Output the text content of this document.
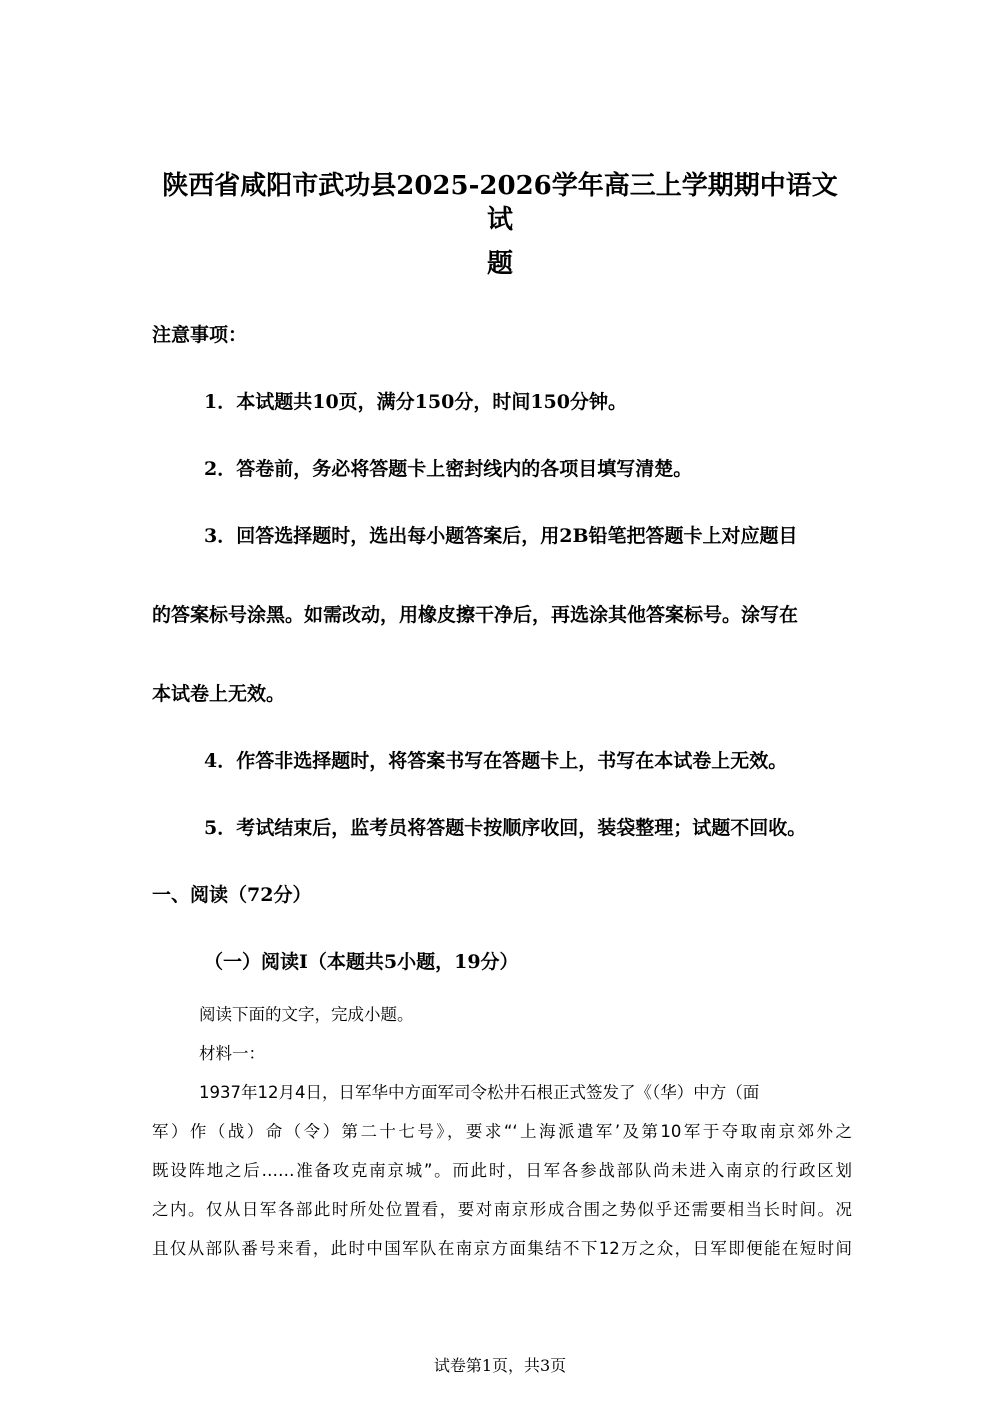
陕西省咸阳市武功县2025-2026学年高三上学期期中语文试
题
注意事项：
1．本试题共10页，满分150分，时间150分钟。
2．答卷前，务必将答题卡上密封线内的各项目填写清楚。
3．回答选择题时，选出每小题答案后，用2B铅笔把答题卡上对应题目
的答案标号涂黑。如需改动，用橡皮擦干净后，再选涂其他答案标号。涂写在
本试卷上无效。
4．作答非选择题时，将答案书写在答题卡上，书写在本试卷上无效。
5．考试结束后，监考员将答题卡按顺序收回，装袋整理；试题不回收。
一、阅读（72分）
（一）阅读Ⅰ（本题共5小题，19分）
阅读下面的文字，完成小题。
材料一：
1937年12月4日，日军华中方面军司令松井石根正式签发了《（华）中方（面
军）作（战）命（令）第二十七号》，要求“‘上海派遣军’及第10军于夺取南京郊外之
既设阵地之后……准备攻克南京城”。而此时，日军各参战部队尚未进入南京的行政区划
之内。仅从日军各部此时所处位置看，要对南京形成合围之势似乎还需要相当长时间。况
且仅从部队番号来看，此时中国军队在南京方面集结不下12万之众，日军即便能在短时间
试卷第1页，共3页
